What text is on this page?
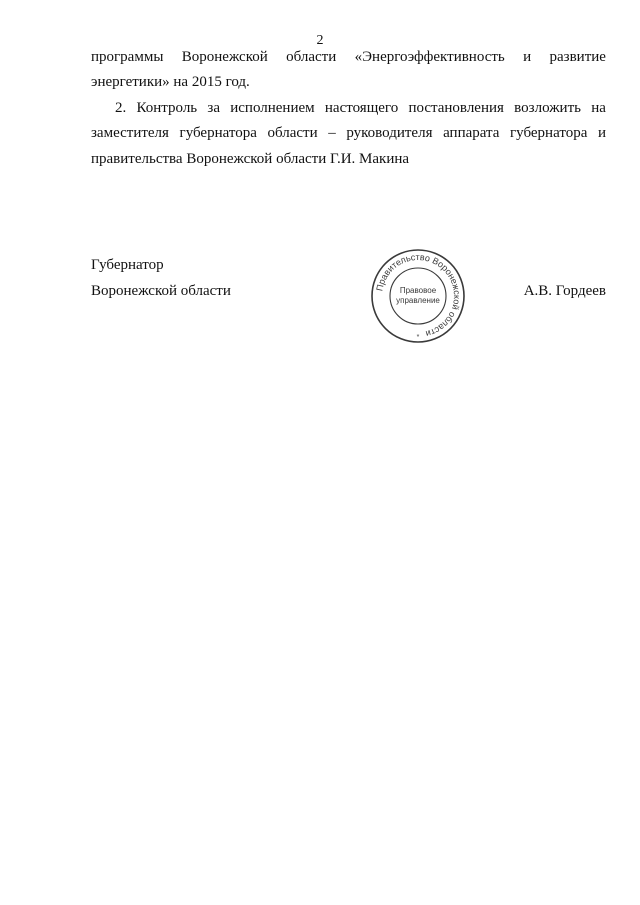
2
программы Воронежской области «Энергоэффективность и развитие
энергетики» на 2015 год.
2. Контроль за исполнением настоящего постановления возложить на
заместителя губернатора области – руководителя аппарата губернатора и
правительства Воронежской области Г.И. Макина
Губернатор
Воронежской области	Правительство Воронежской области
Правовое
управление
*
А.В. Гордеев
